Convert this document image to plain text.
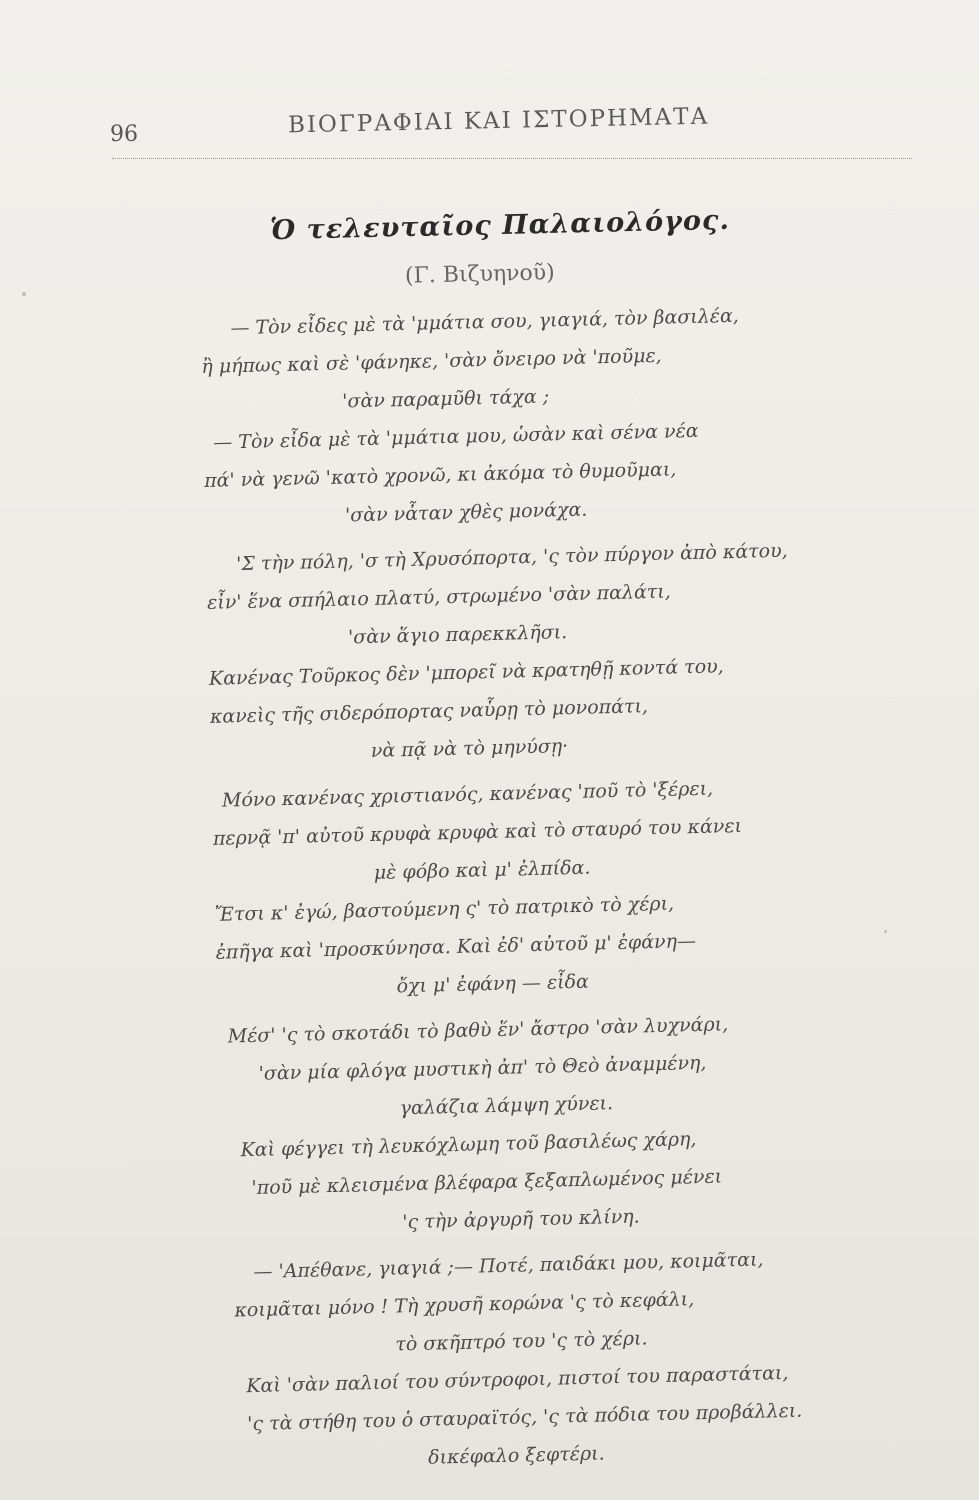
96	ΒΙΟΓΡΑΦΙΑΙ ΚΑΙ ΙΣΤΟΡΗΜΑΤΑ
Ὁ τελευταῖος Παλαιολόγος.
(Γ. Βιζυηνοῦ)
— Τὸν εἶδες μὲ τὰ 'μμάτια σου, γιαγιά, τὸν βασιλέα,
ἢ μήπως καὶ σὲ 'φάνηκε, 'σὰν ὄνειρο νὰ 'ποῦμε,
'σὰν παραμῦθι τάχα ;
— Τὸν εἶδα μὲ τὰ 'μμάτια μου, ὡσὰν καὶ σένα νέα
πά' νὰ γενῶ 'κατὸ χρονῶ, κι ἀκόμα τὸ θυμοῦμαι,
'σὰν νἆταν χθὲς μονάχα.
'Σ τὴν πόλη, 'σ τὴ Χρυσόπορτα, 'ς τὸν πύργον ἀπὸ κάτου,
εἶν' ἕνα σπήλαιο πλατύ, στρωμένο 'σὰν παλάτι,
'σὰν ἅγιο παρεκκλῆσι.
Κανένας Τοῦρκος δὲν 'μπορεῖ νὰ κρατηθῇ κοντά του,
κανεὶς τῆς σιδερόπορτας ναὗρῃ τὸ μονοπάτι,
νὰ πᾷ νὰ τὸ μηνύσῃ·
Μόνο κανένας χριστιανός, κανένας 'ποῦ τὸ 'ξέρει,
περνᾷ 'π' αὐτοῦ κρυφὰ κρυφὰ καὶ τὸ σταυρό του κάνει
μὲ φόβο καὶ μ' ἐλπίδα.
Ἔτσι κ' ἐγώ, βαστούμενη ς' τὸ πατρικὸ τὸ χέρι,
ἐπῆγα καὶ 'προσκύνησα. Καὶ ἐδ' αὐτοῦ μ' ἐφάνη—
ὄχι μ' ἐφάνη — εἶδα
Μέσ' 'ς τὸ σκοτάδι τὸ βαθὺ ἕν' ἄστρο 'σὰν λυχνάρι,
'σὰν μία φλόγα μυστικὴ ἀπ' τὸ Θεὸ ἀναμμένη,
γαλάζια λάμψη χύνει.
Καὶ φέγγει τὴ λευκόχλωμη τοῦ βασιλέως χάρη,
'ποῦ μὲ κλεισμένα βλέφαρα ξεξαπλωμένος μένει
'ς τὴν ἀργυρῆ του κλίνη.
— 'Απέθανε, γιαγιά ;— Ποτέ, παιδάκι μου, κοιμᾶται,
κοιμᾶται μόνο ! Τὴ χρυσῆ κορώνα 'ς τὸ κεφάλι,
τὸ σκῆπτρό του 'ς τὸ χέρι.
Καὶ 'σὰν παλιοί του σύντροφοι, πιστοί του παραστάται,
'ς τὰ στήθη του ὁ σταυραϊτός, 'ς τὰ πόδια του προβάλλει.
δικέφαλο ξεφτέρι.
